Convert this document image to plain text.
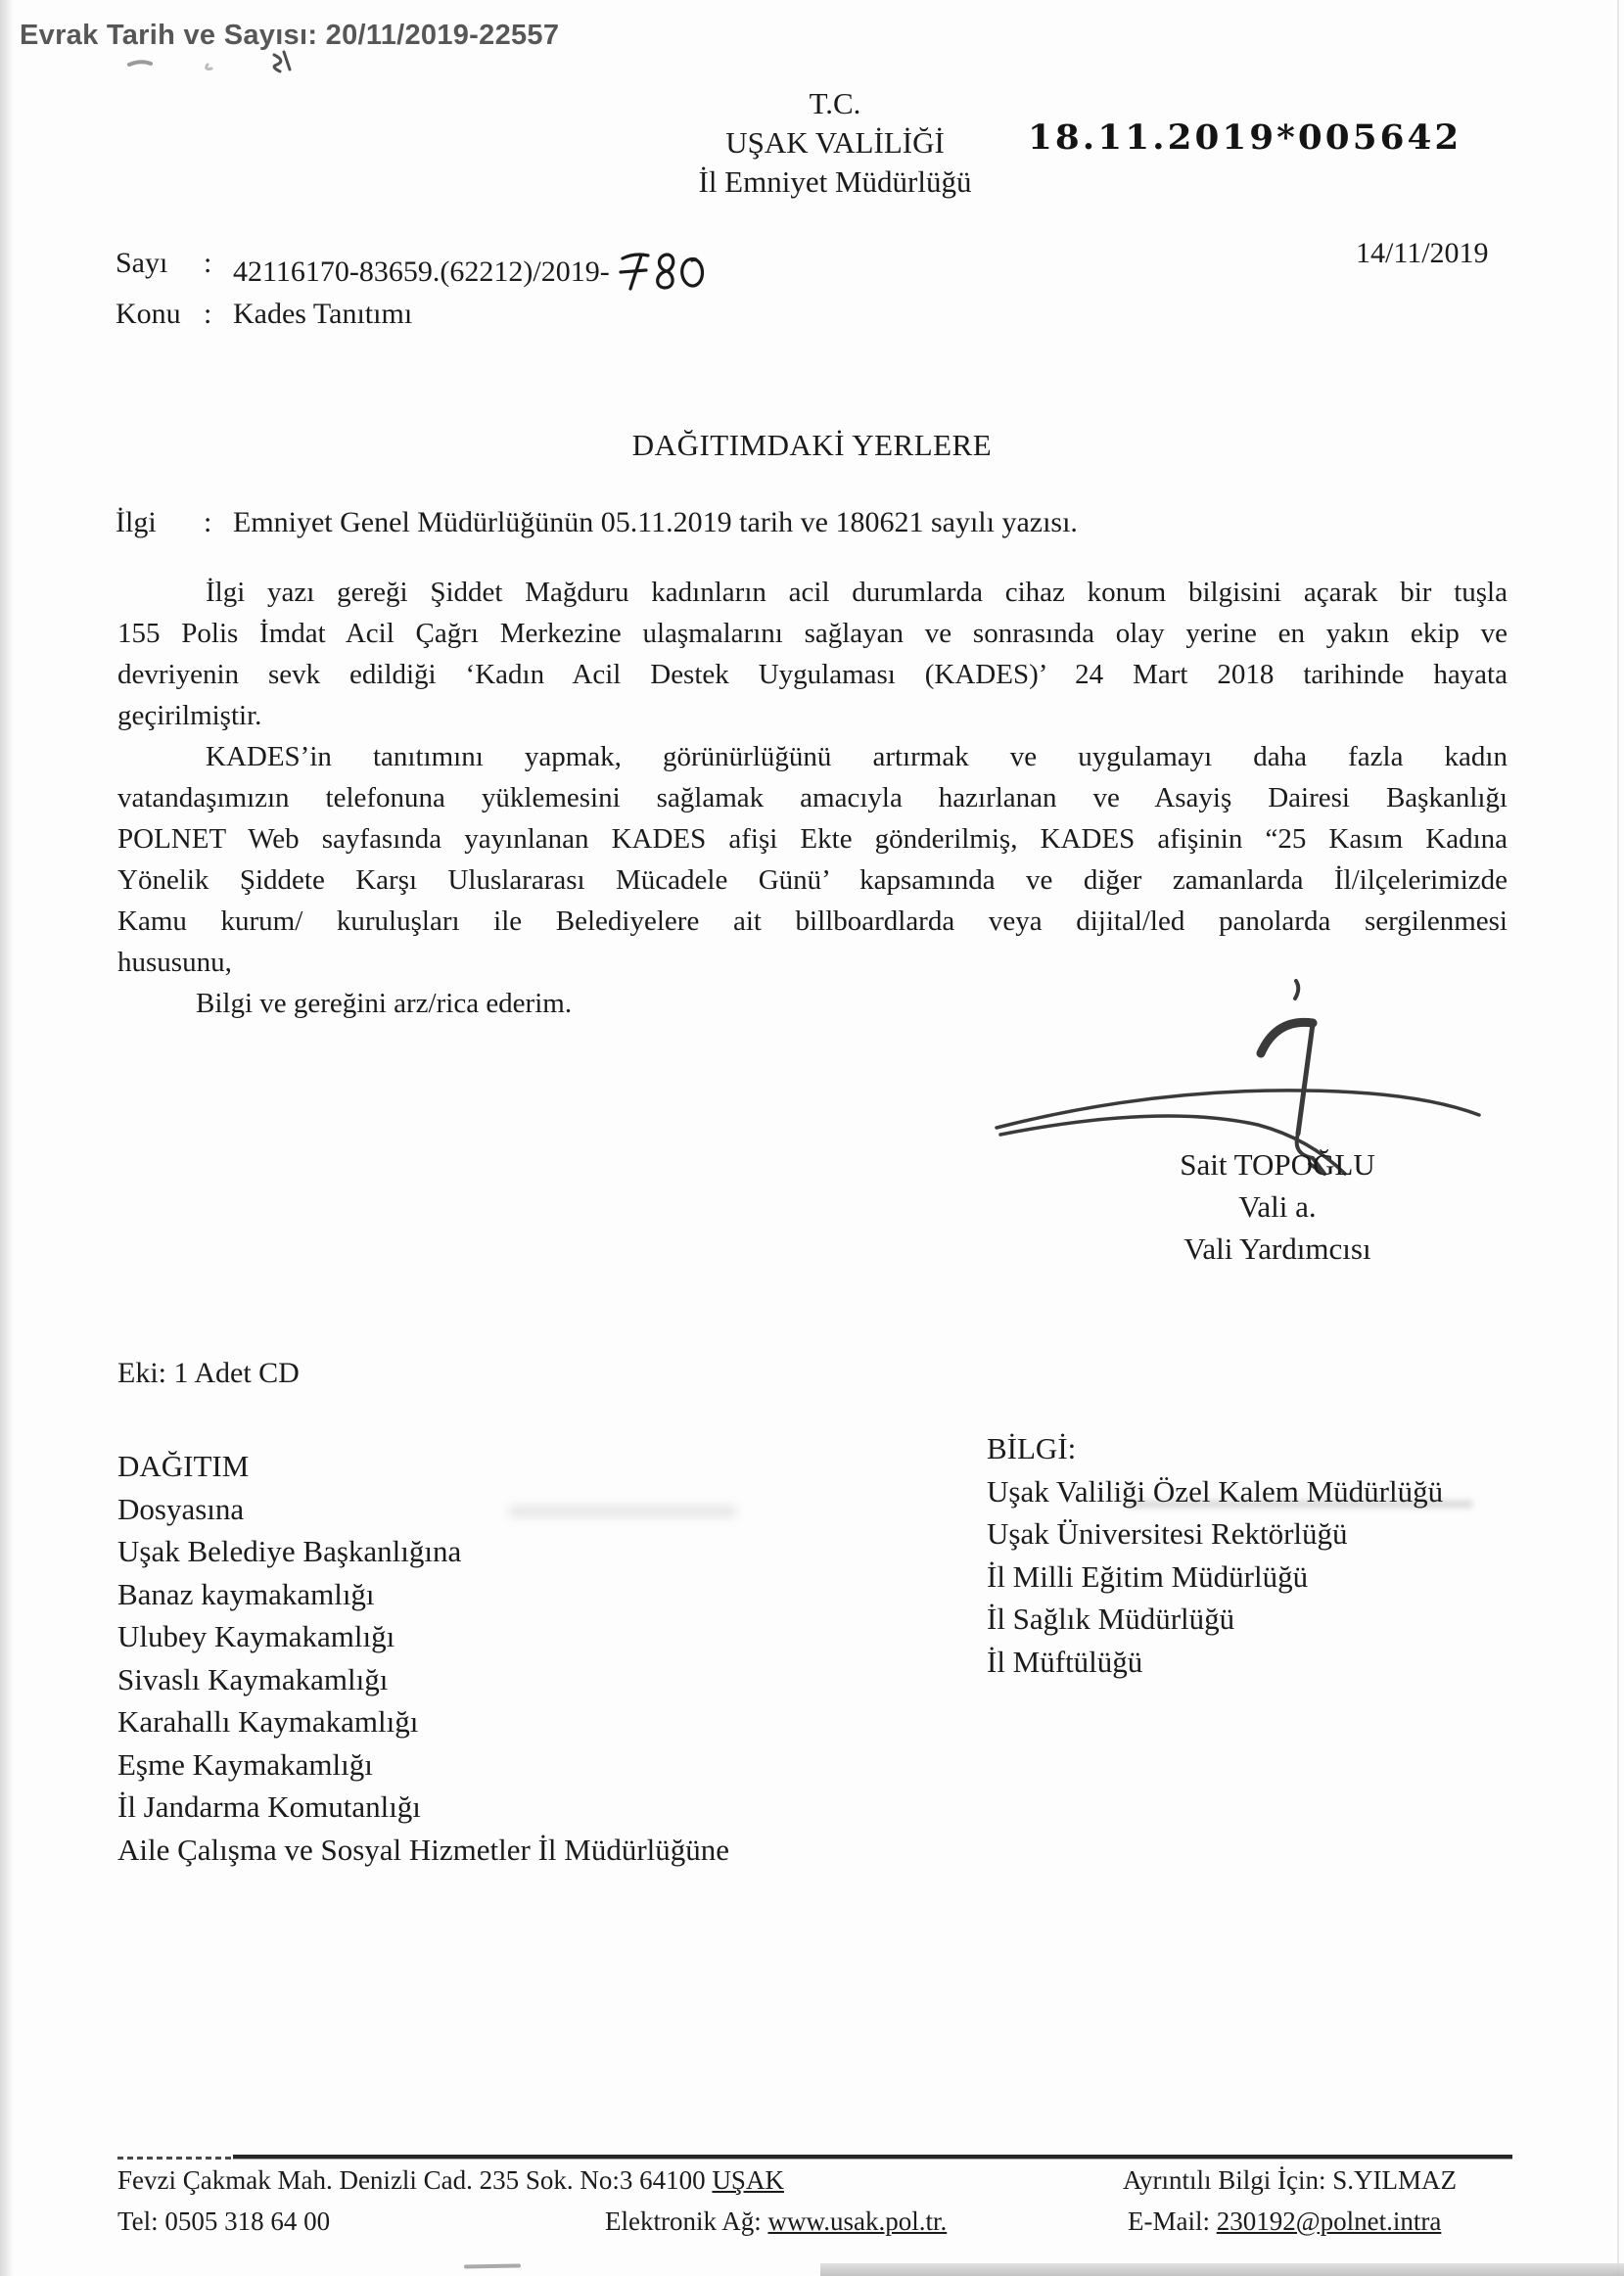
Evrak Tarih ve Sayısı: 20/11/2019-22557
T.C.
UŞAK VALİLİĞİ
İl Emniyet Müdürlüğü
18.11.2019*005642
Sayı	: 42116170-83659.(62212)/2019-
Konu : Kades Tanıtımı
14/11/2019
DAĞITIMDAKİ YERLERE
İlgi	: Emniyet Genel Müdürlüğünün 05.11.2019 tarih ve 180621 sayılı yazısı.
İlgi yazı gereği Şiddet Mağduru kadınların acil durumlarda cihaz konum bilgisini açarak bir tuşla
155 Polis İmdat Acil Çağrı Merkezine ulaşmalarını sağlayan ve sonrasında olay yerine en yakın ekip ve
devriyenin sevk edildiği ‘Kadın Acil Destek Uygulaması (KADES)’ 24 Mart 2018 tarihinde hayata
geçirilmiştir.
KADES’in tanıtımını yapmak, görünürlüğünü artırmak ve uygulamayı daha fazla kadın
vatandaşımızın telefonuna yüklemesini sağlamak amacıyla hazırlanan ve Asayiş Dairesi Başkanlığı
POLNET Web sayfasında yayınlanan KADES afişi Ekte gönderilmiş, KADES afişinin “25 Kasım Kadına
Yönelik Şiddete Karşı Uluslararası Mücadele Günü’ kapsamında ve diğer zamanlarda İl/ilçelerimizde
Kamu kurum/ kuruluşları ile Belediyelere ait billboardlarda veya dijital/led panolarda sergilenmesi
hususunu,
Bilgi ve gereğini arz/rica ederim.
Sait TOPOĞLU
Vali a.
Vali Yardımcısı
Eki: 1 Adet CD
DAĞITIM
Dosyasına
Uşak Belediye Başkanlığına
Banaz kaymakamlığı
Ulubey Kaymakamlığı
Sivaslı Kaymakamlığı
Karahallı Kaymakamlığı
Eşme Kaymakamlığı
İl Jandarma Komutanlığı
Aile Çalışma ve Sosyal Hizmetler İl Müdürlüğüne
BİLGİ:
Uşak Valiliği Özel Kalem Müdürlüğü
Uşak Üniversitesi Rektörlüğü
İl Milli Eğitim Müdürlüğü
İl Sağlık Müdürlüğü
İl Müftülüğü
Fevzi Çakmak Mah. Denizli Cad. 235 Sok. No:3 64100 UŞAK
Tel: 0505 318 64 00	Elektronik Ağ: www.usak.pol.tr.
Ayrıntılı Bilgi İçin: S.YILMAZ
E-Mail: 230192@polnet.intra
